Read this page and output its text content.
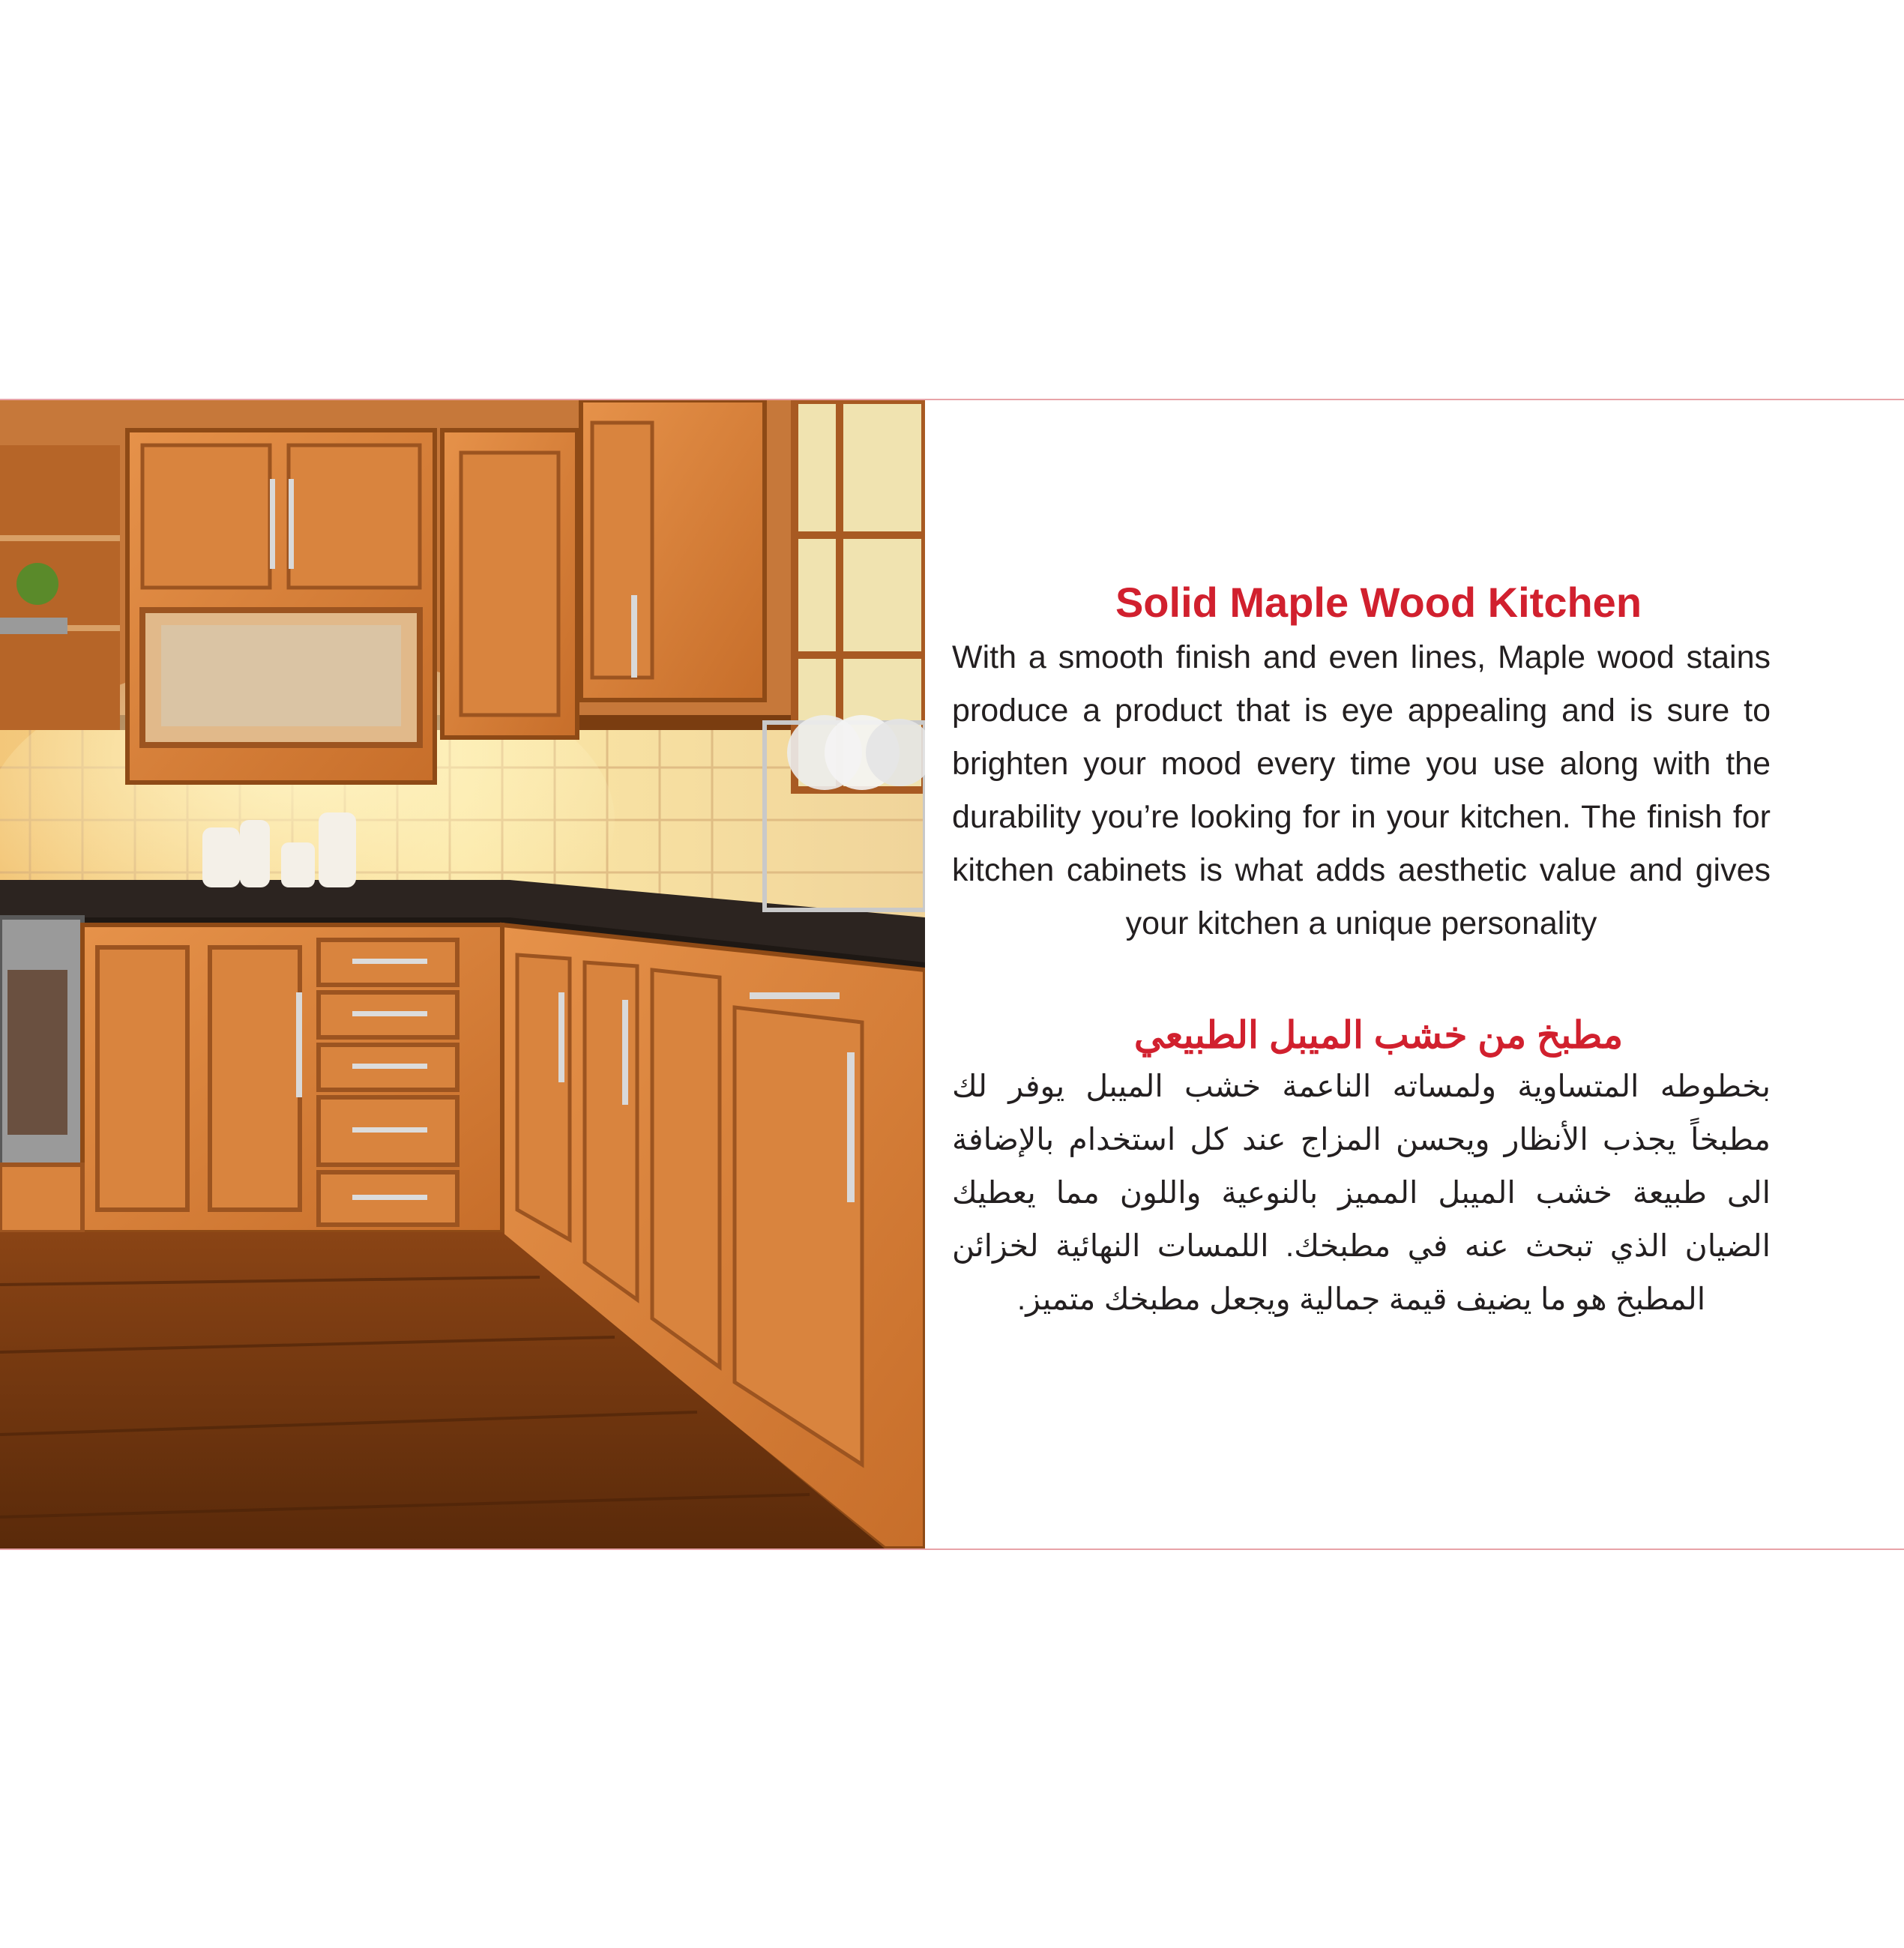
Solid Maple Wood Kitchen

With a smooth finish and even lines, Maple wood stains produce a product that is eye appealing and is sure to brighten your mood every time you use along with the durability you’re looking for in your kitchen. The finish for kitchen cabinets is what adds aesthetic value and gives your kitchen a unique personality

مطبخ من خشب الميبل الطبيعي

بخطوطه المتساوية ولمساته الناعمة خشب الميبل يوفر لك مطبخاً يجذب الأنظار ويحسن المزاج عند كل استخدام بالإضافة الى طبيعة خشب الميبل المميز بالنوعية واللون مما يعطيك الضيان الذي تبحث عنه في مطبخك. اللمسات النهائية لخزائن المطبخ هو ما يضيف قيمة جمالية ويجعل مطبخك متميز.
